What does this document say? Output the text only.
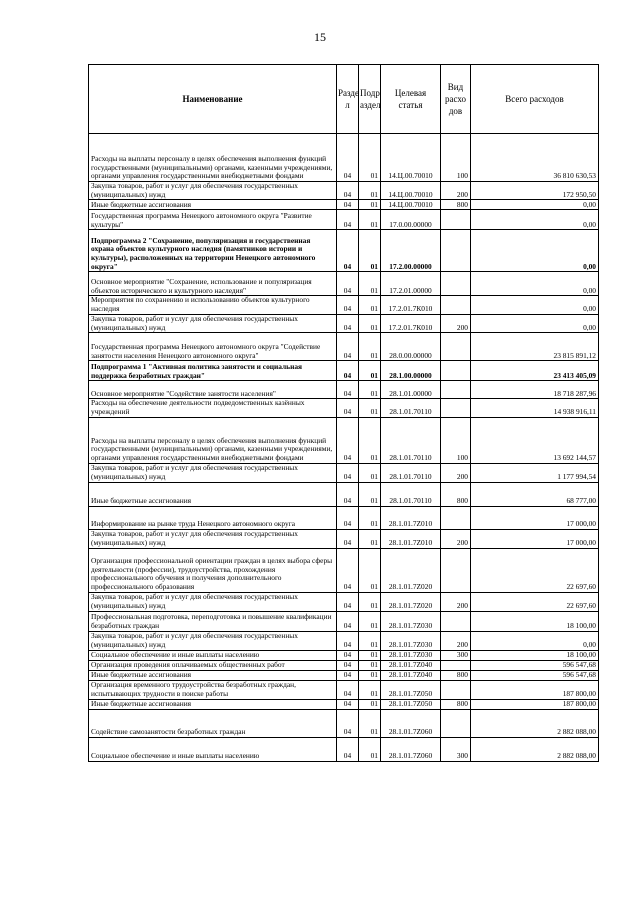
15
Наименование	Разде л	Подр аздел	Целевая статья	Вид расхо дов	Всего расходов
Расходы на выплаты персоналу в целях обеспечения выполнения функций государственными (муниципальными) органами, казенными учреждениями, органами управления государственными внебюджетными фондами	04	01	14.Ц.00.70010	100	36 810 630,53
Закупка товаров, работ и услуг для обеспечения государственных (муниципальных) нужд	04	01	14.Ц.00.70010	200	172 950,50
Иные бюджетные ассигнования	04	01	14.Ц.00.70010	800	0,00
Государственная программа Ненецкого автономного округа "Развитие культуры"	04	01	17.0.00.00000		0,00
Подпрограмма 2 "Сохранение, популяризация и государственная охрана объектов культурного наследия (памятников истории и культуры), расположенных на территории Ненецкого автономного округа"	04	01	17.2.00.00000		0,00
Основное мероприятие "Сохранение, использование и популяризация объектов исторического и культурного наследия"	04	01	17.2.01.00000		0,00
Мероприятия по сохранению и использованию объектов культурного наследия	04	01	17.2.01.7К010		0,00
Закупка товаров, работ и услуг для обеспечения государственных (муниципальных) нужд	04	01	17.2.01.7К010	200	0,00
Государственная программа Ненецкого автономного округа "Содействие занятости населения Ненецкого автономного округа"	04	01	28.0.00.00000		23 815 891,12
Подпрограмма 1 "Активная политика занятости и социальная поддержка безработных граждан"	04	01	28.1.00.00000		23 413 405,09
Основное мероприятие "Содействие занятости населения"	04	01	28.1.01.00000		18 718 287,96
Расходы на обеспечение деятельности подведомственных казённых учреждений	04	01	28.1.01.70110		14 938 916,11
Расходы на выплаты персоналу в целях обеспечения выполнения функций государственными (муниципальными) органами, казенными учреждениями, органами управления государственными внебюджетными фондами	04	01	28.1.01.70110	100	13 692 144,57
Закупка товаров, работ и услуг для обеспечения государственных (муниципальных) нужд	04	01	28.1.01.70110	200	1 177 994,54
Иные бюджетные ассигнования	04	01	28.1.01.70110	800	68 777,00
Информирование на рынке труда Ненецкого автономного округа	04	01	28.1.01.7Z010		17 000,00
Закупка товаров, работ и услуг для обеспечения государственных (муниципальных) нужд	04	01	28.1.01.7Z010	200	17 000,00
Организация профессиональной ориентации граждан в целях выбора сферы деятельности (профессии), трудоустройства, прохождения профессионального обучения и получения дополнительного профессионального образования	04	01	28.1.01.7Z020		22 697,60
Закупка товаров, работ и услуг для обеспечения государственных (муниципальных) нужд	04	01	28.1.01.7Z020	200	22 697,60
Профессиональная подготовка, переподготовка и повышение квалификации безработных граждан	04	01	28.1.01.7Z030		18 100,00
Закупка товаров, работ и услуг для обеспечения государственных (муниципальных) нужд	04	01	28.1.01.7Z030	200	0,00
Социальное обеспечение и иные выплаты населению	04	01	28.1.01.7Z030	300	18 100,00
Организация проведения оплачиваемых общественных работ	04	01	28.1.01.7Z040		596 547,68
Иные бюджетные ассигнования	04	01	28.1.01.7Z040	800	596 547,68
Организация временного трудоустройства безработных граждан, испытывающих трудности в поиске работы	04	01	28.1.01.7Z050		187 800,00
Иные бюджетные ассигнования	04	01	28.1.01.7Z050	800	187 800,00
Содействие самозанятости безработных граждан	04	01	28.1.01.7Z060		2 882 088,00
Социальное обеспечение и иные выплаты населению	04	01	28.1.01.7Z060	300	2 882 088,00
